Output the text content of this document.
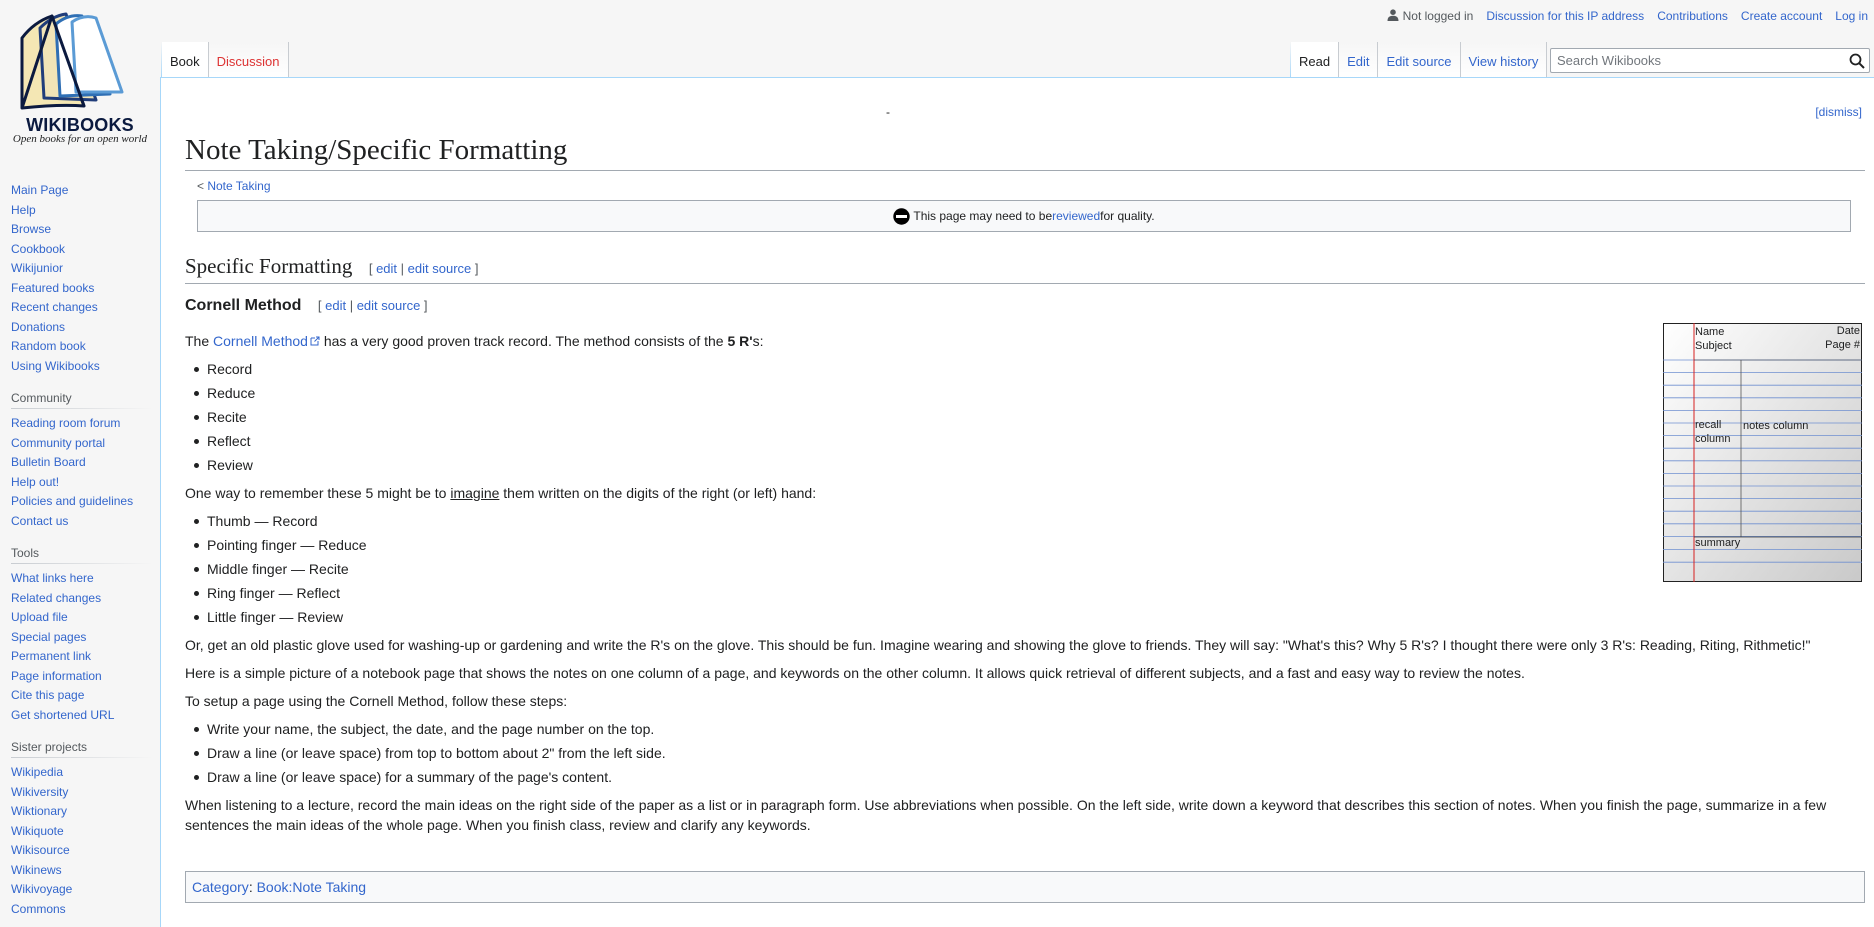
WIKIBOOKS
Open books for an open world
Not logged in Discussion for this IP address Contributions Create account Log in
Book	Discussion	Read	Edit	Edit source	View history
Search Wikibooks
Main Page
Help
Browse
Cookbook
Wikijunior
Featured books
Recent changes
Donations
Random book
Using Wikibooks
Community
Reading room forum
Community portal
Bulletin Board
Help out!
Policies and guidelines
Contact us
Tools
What links here
Related changes
Upload file
Special pages
Permanent link
Page information
Cite this page
Get shortened URL
Sister projects
Wikipedia
Wikiversity
Wiktionary
Wikiquote
Wikisource
Wikinews
Wikivoyage
Commons
-	[dismiss]
Note Taking/Specific Formatting
< Note Taking
This page may need to be reviewed for quality.
Specific Formatting [ edit | edit source ]
Cornell Method [ edit | edit source ]

The Cornell Method has a very good proven track record. The method consists of the 5 R's:

Record
Reduce
Recite
Reflect
Review

One way to remember these 5 might be to imagine them written on the digits of the right (or left) hand:

Thumb — Record
Pointing finger — Reduce
Middle finger — Recite
Ring finger — Reflect
Little finger — Review

Or, get an old plastic glove used for washing-up or gardening and write the R's on the glove. This should be fun. Imagine wearing and showing the glove to friends. They will say: "What's this? Why 5 R's? I thought there were only 3 R's: Reading, Riting, Rithmetic!"

Here is a simple picture of a notebook page that shows the notes on one column of a page, and keywords on the other column. It allows quick retrieval of different subjects, and a fast and easy way to review the notes.

To setup a page using the Cornell Method, follow these steps:

Write your name, the subject, the date, and the page number on the top.
Draw a line (or leave space) from top to bottom about 2" from the left side.
Draw a line (or leave space) for a summary of the page's content.

When listening to a lecture, record the main ideas on the right side of the paper as a list or in paragraph form. Use abbreviations when possible. On the left side, write down a keyword that describes this section of notes. When you finish the page, summarize in a few sentences the main ideas of the whole page. When you finish class, review and clarify any keywords.

Name	Date
Subject	Page #
recall
column
notes column
summary
Category: Book:Note Taking
